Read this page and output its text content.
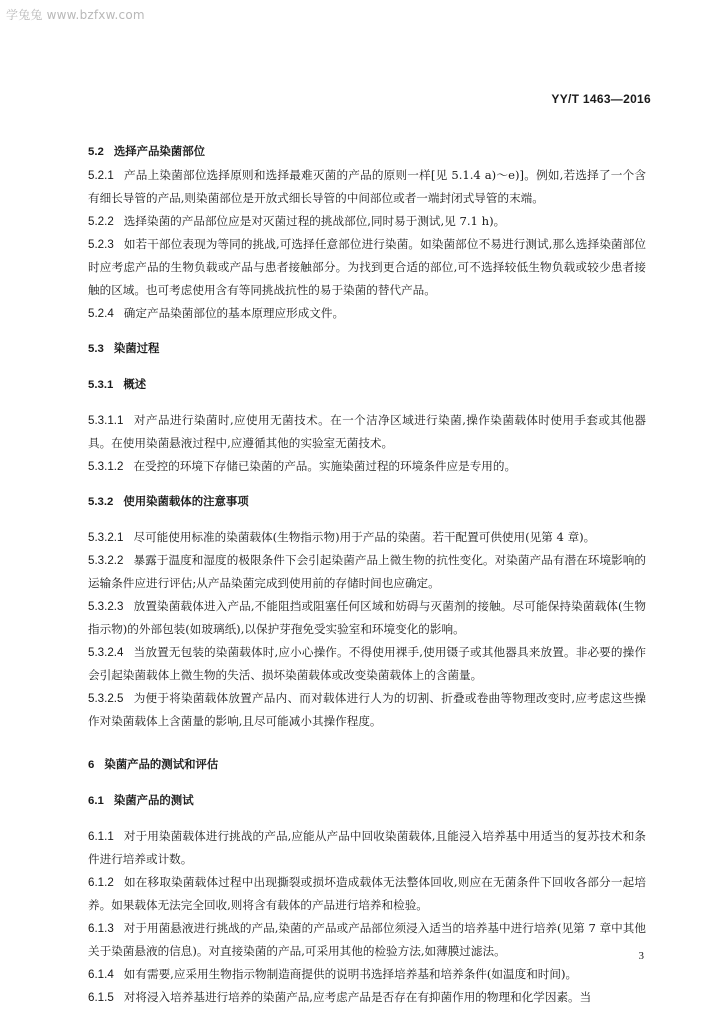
学兔兔 www.bzfxw.com
YY/T 1463—2016
5.2 选择产品染菌部位
5.2.1 产品上染菌部位选择原则和选择最难灭菌的产品的原则一样[见 5.1.4 a)～e)]。例如,若选择了一个含有细长导管的产品,则染菌部位是开放式细长导管的中间部位或者一端封闭式导管的末端。
5.2.2 选择染菌的产品部位应是对灭菌过程的挑战部位,同时易于测试,见 7.1 h)。
5.2.3 如若干部位表现为等同的挑战,可选择任意部位进行染菌。如染菌部位不易进行测试,那么选择染菌部位时应考虑产品的生物负载或产品与患者接触部分。为找到更合适的部位,可不选择较低生物负载或较少患者接触的区域。也可考虑使用含有等同挑战抗性的易于染菌的替代产品。
5.2.4 确定产品染菌部位的基本原理应形成文件。
5.3 染菌过程
5.3.1 概述
5.3.1.1 对产品进行染菌时,应使用无菌技术。在一个洁净区域进行染菌,操作染菌载体时使用手套或其他器具。在使用染菌悬液过程中,应遵循其他的实验室无菌技术。
5.3.1.2 在受控的环境下存储已染菌的产品。实施染菌过程的环境条件应是专用的。
5.3.2 使用染菌载体的注意事项
5.3.2.1 尽可能使用标准的染菌载体(生物指示物)用于产品的染菌。若干配置可供使用(见第 4 章)。
5.3.2.2 暴露于温度和湿度的极限条件下会引起染菌产品上微生物的抗性变化。对染菌产品有潜在环境影响的运输条件应进行评估;从产品染菌完成到使用前的存储时间也应确定。
5.3.2.3 放置染菌载体进入产品,不能阻挡或阻塞任何区域和妨碍与灭菌剂的接触。尽可能保持染菌载体(生物指示物)的外部包装(如玻璃纸),以保护芽孢免受实验室和环境变化的影响。
5.3.2.4 当放置无包装的染菌载体时,应小心操作。不得使用裸手,使用镊子或其他器具来放置。非必要的操作会引起染菌载体上微生物的失活、损坏染菌载体或改变染菌载体上的含菌量。
5.3.2.5 为便于将染菌载体放置产品内、而对载体进行人为的切割、折叠或卷曲等物理改变时,应考虑这些操作对染菌载体上含菌量的影响,且尽可能减小其操作程度。
6 染菌产品的测试和评估
6.1 染菌产品的测试
6.1.1 对于用染菌载体进行挑战的产品,应能从产品中回收染菌载体,且能浸入培养基中用适当的复苏技术和条件进行培养或计数。
6.1.2 如在移取染菌载体过程中出现撕裂或损坏造成载体无法整体回收,则应在无菌条件下回收各部分一起培养。如果载体无法完全回收,则将含有载体的产品进行培养和检验。
6.1.3 对于用菌悬液进行挑战的产品,染菌的产品或产品部位须浸入适当的培养基中进行培养(见第 7 章中其他关于染菌悬液的信息)。对直接染菌的产品,可采用其他的检验方法,如薄膜过滤法。
6.1.4 如有需要,应采用生物指示物制造商提供的说明书选择培养基和培养条件(如温度和时间)。
6.1.5 对将浸入培养基进行培养的染菌产品,应考虑产品是否存在有抑菌作用的物理和化学因素。当
3
